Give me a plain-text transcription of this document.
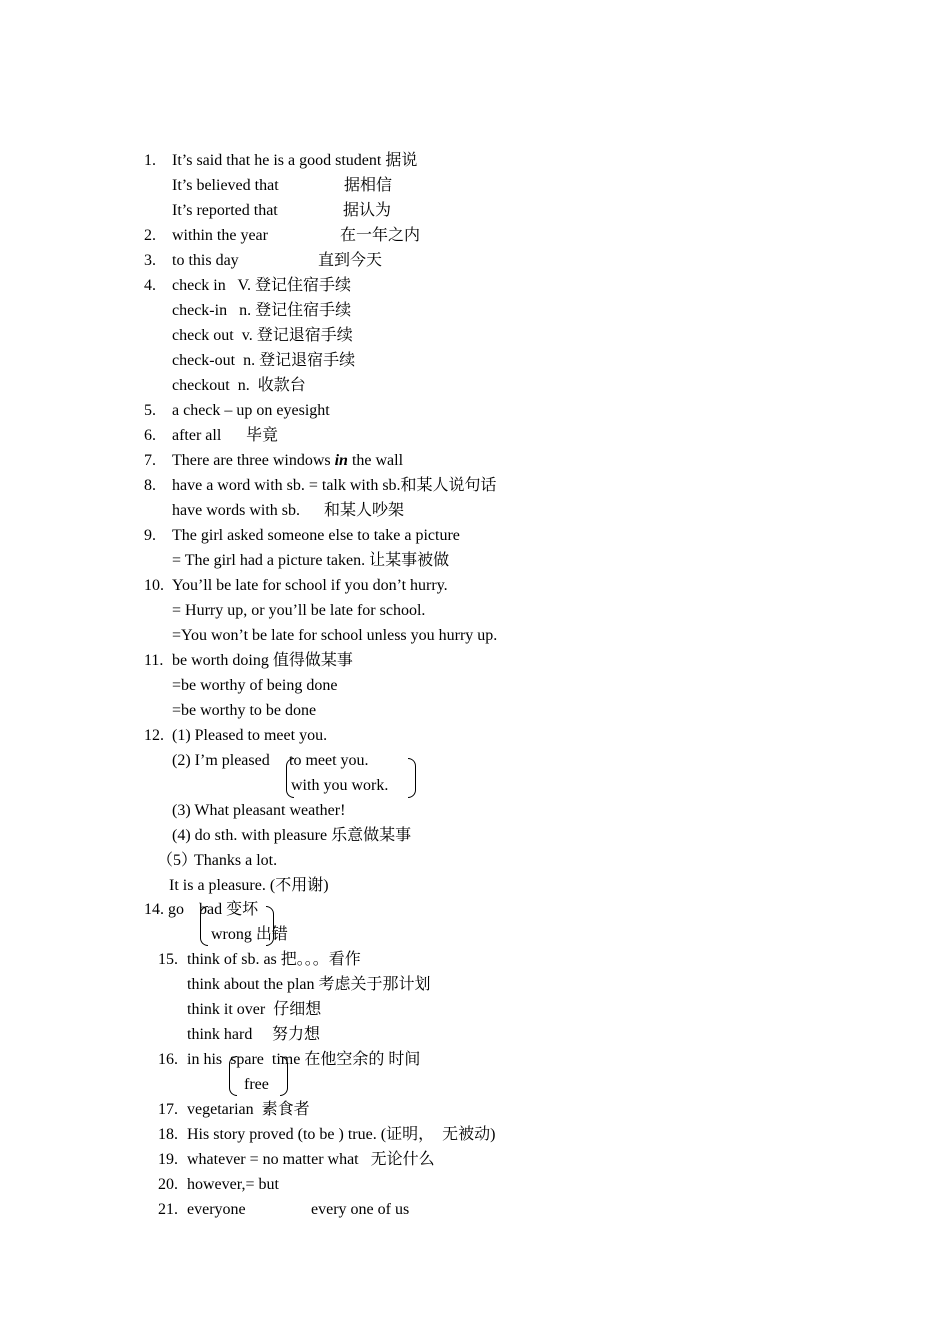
1. It’s said that he is a good student 据说
It’s believed that	据相信
It’s reported that	据认为
2. within the year	在一年之内
3. to this day	直到今天
4. check in   V. 登记住宿手续
check-in   n. 登记住宿手续
check out  v. 登记退宿手续
check-out  n. 登记退宿手续
checkout  n.  收款台
5. a check – up on eyesight
6. after all 毕竟
7. There are three windows in the wall
8. have a word with sb. = talk with sb.和某人说句话
have words with sb. 和某人吵架
9. The girl asked someone else to take a picture
= The girl had a picture taken. 让某事被做
10. You’ll be late for school if you don’t hurry.
= Hurry up, or you’ll be late for school.
=You won’t be late for school unless you hurry up.
11. be worth doing 值得做某事
=be worthy of being done
=be worthy to be done
12. (1) Pleased to meet you.
(2) I’m pleased to meet you.
with you work.
(3) What pleasant weather!
(4) do sth. with pleasure 乐意做某事
（5）
Thanks a lot.
It is a pleasure. (不用谢)
14. go bad 变坏
wrong 出错
15. think of sb. as 把。。。看作
think about the plan 考虑关于那计划
think it over  仔细想
think hard 努力想
16. in his  spare  time 在他空余的 时间
free
17. vegetarian  素食者
18. His story proved (to be ) true. (证明，  无被动)
19. whatever = no matter what   无论什么
20. however,= but
21. everyone	every one of us
